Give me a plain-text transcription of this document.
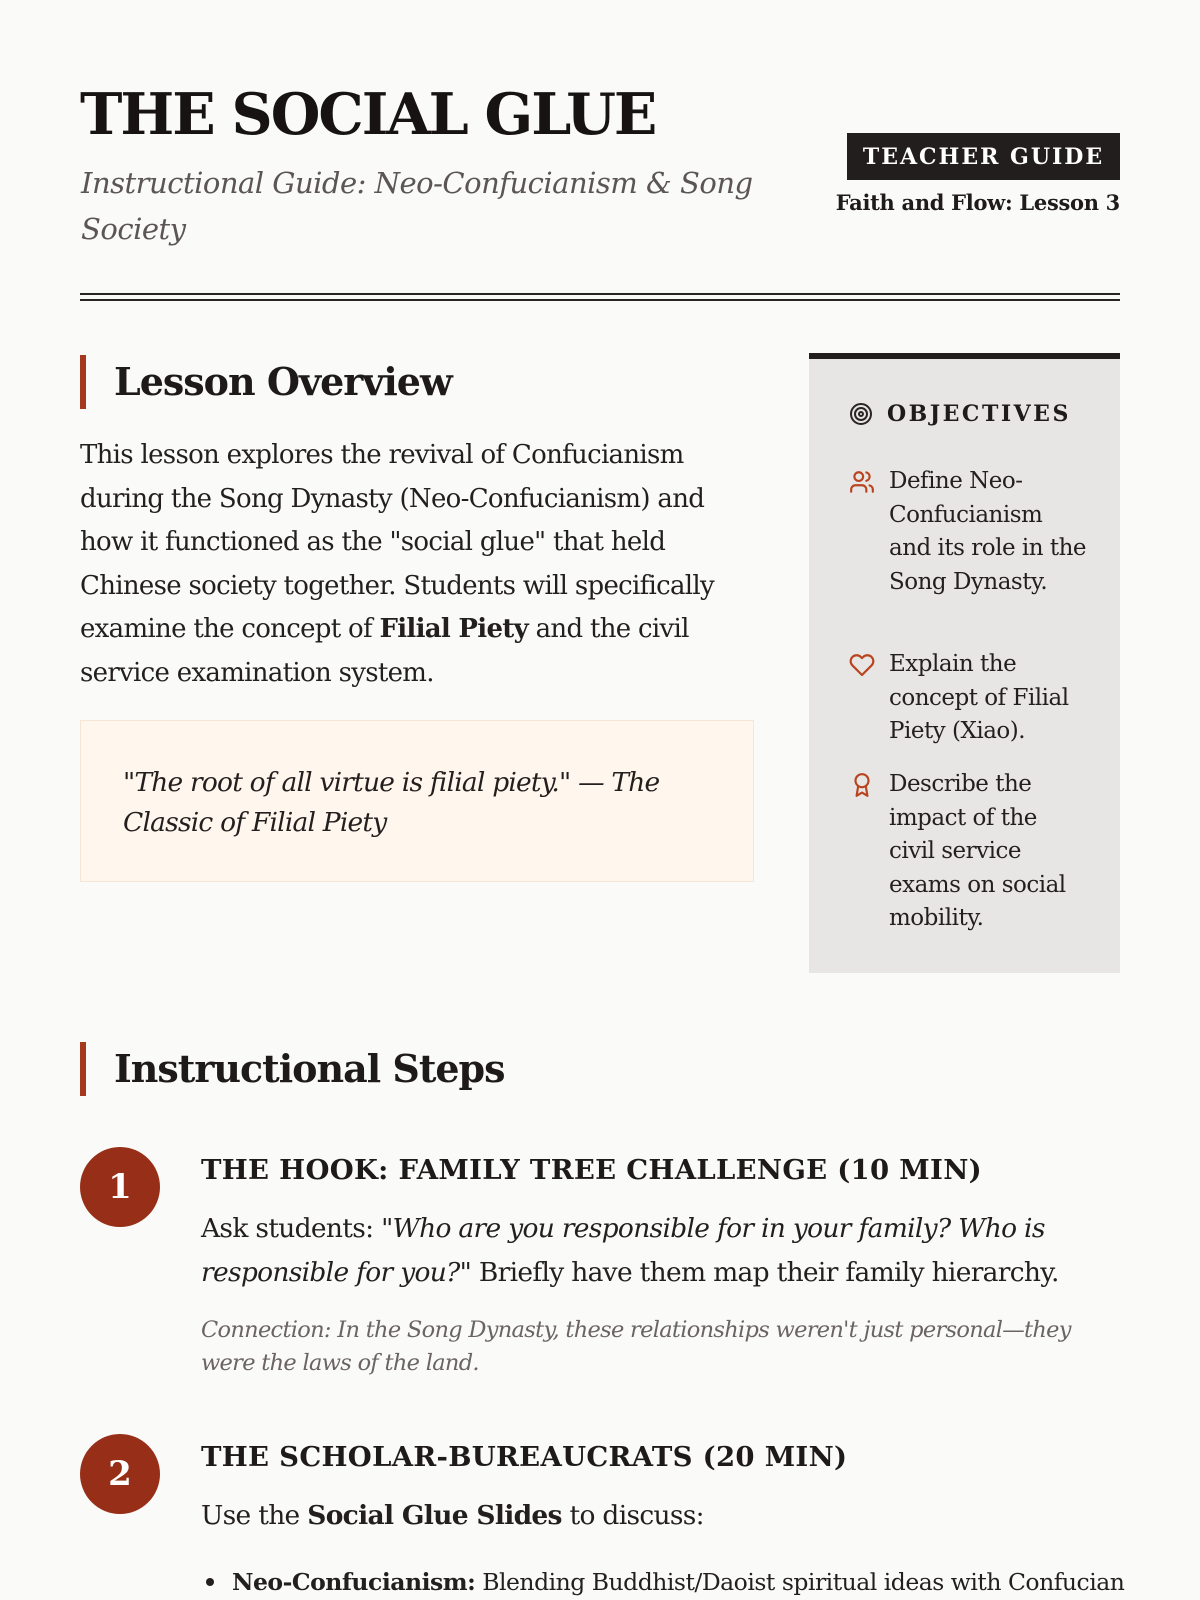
THE SOCIAL GLUE

Instructional Guide: Neo-Confucianism & Song Society

TEACHER GUIDE

Faith and Flow: Lesson 3

Lesson Overview

This lesson explores the revival of Confucianism during the Song Dynasty (Neo-Confucianism) and how it functioned as the "social glue" that held Chinese society together. Students will specifically examine the concept of Filial Piety and the civil service examination system.

"The root of all virtue is filial piety." — The Classic of Filial Piety

OBJECTIVES
Define Neo-Confucianism and its role in the Song Dynasty.
Explain the concept of Filial Piety (Xiao).
Describe the impact of the civil service exams on social mobility.
Instructional Steps
1	THE HOOK: FAMILY TREE CHALLENGE (10 MIN)

Ask students: "Who are you responsible for in your family? Who is responsible for you?" Briefly have them map their family hierarchy.

Connection: In the Song Dynasty, these relationships weren't just personal—they were the laws of the land.

2	THE SCHOLAR-BUREAUCRATS (20 MIN)

Use the Social Glue Slides to discuss:

Neo-Confucianism: Blending Buddhist/Daoist spiritual ideas with Confucian
